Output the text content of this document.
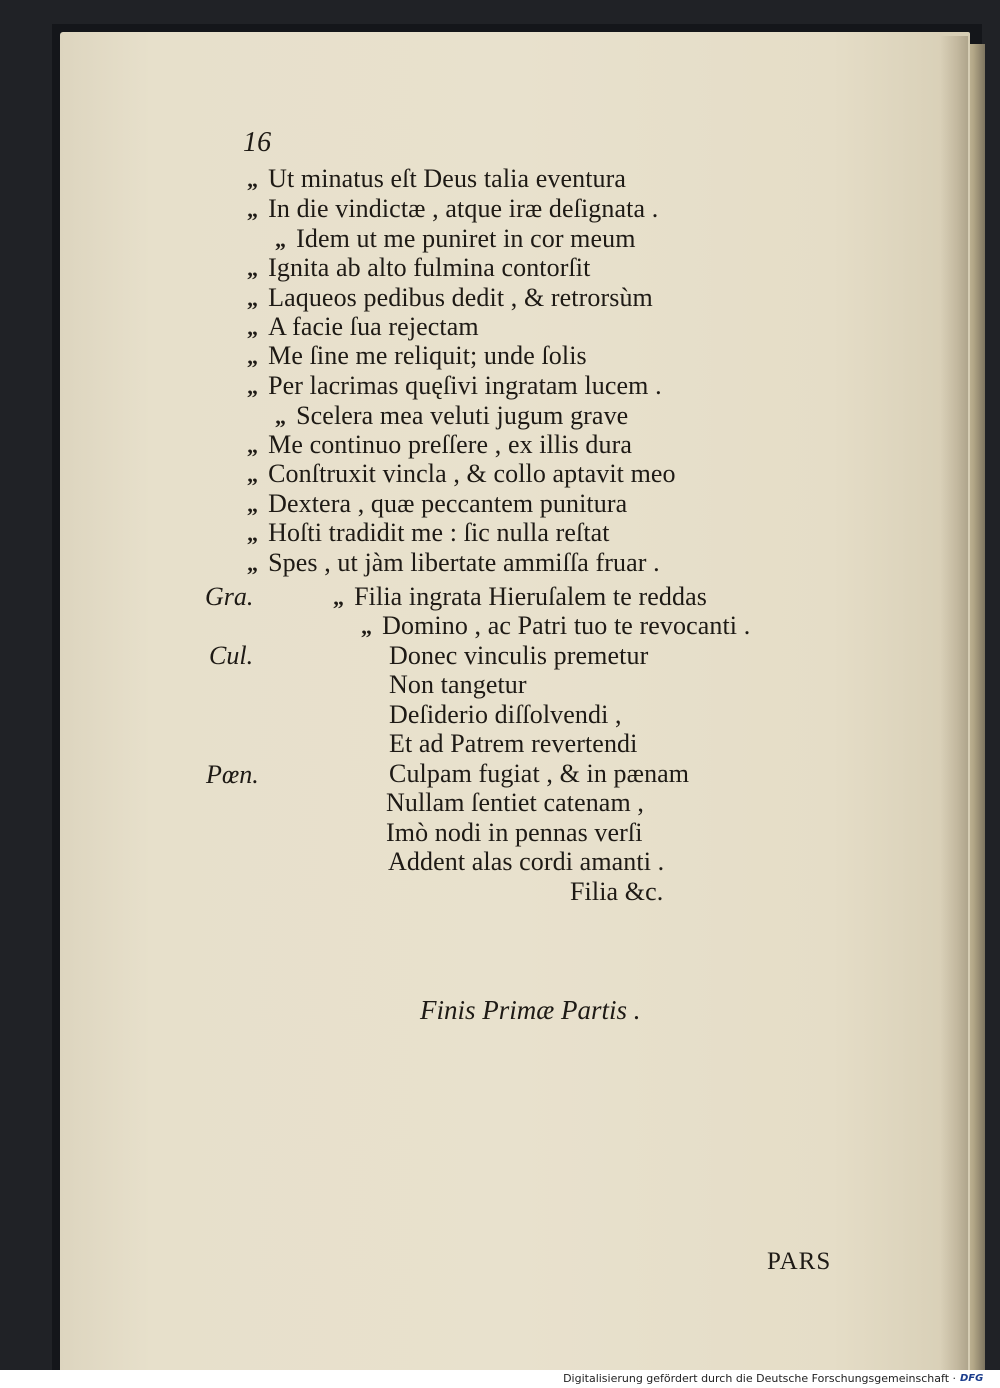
16
„ Ut minatus eſt Deus talia eventura
„ In die vindictæ , atque iræ deſignata .
„ Idem ut me puniret in cor meum
„ Ignita ab alto fulmina contorſit
„ Laqueos pedibus dedit , & retrorsùm
„ A facie ſua rejectam
„ Me ſine me reliquit; unde ſolis
„ Per lacrimas quęſivi ingratam lucem .
„ Scelera mea veluti jugum grave
„ Me continuo preſſere , ex illis dura
„ Conſtruxit vincla , & collo aptavit meo
„ Dextera , quæ peccantem punitura
„ Hoſti tradidit me : ſic nulla reſtat
„ Spes , ut jàm libertate ammiſſa fruar .
„ Filia ingrata Hieruſalem te reddas
„ Domino , ac Patri tuo te revocanti .
Donec vinculis premetur
Non tangetur
Deſiderio diſſolvendi ,
Et ad Patrem revertendi
Culpam fugiat , & in pænam
Nullam ſentiet catenam ,
Imò nodi in pennas verſi
Addent alas cordi amanti .
Filia &c.
Gra.
Cul.
Pœn.
Finis Primæ Partis .
PARS
Digitalisierung gefördert durch die Deutsche Forschungsgemeinschaft · DFG
